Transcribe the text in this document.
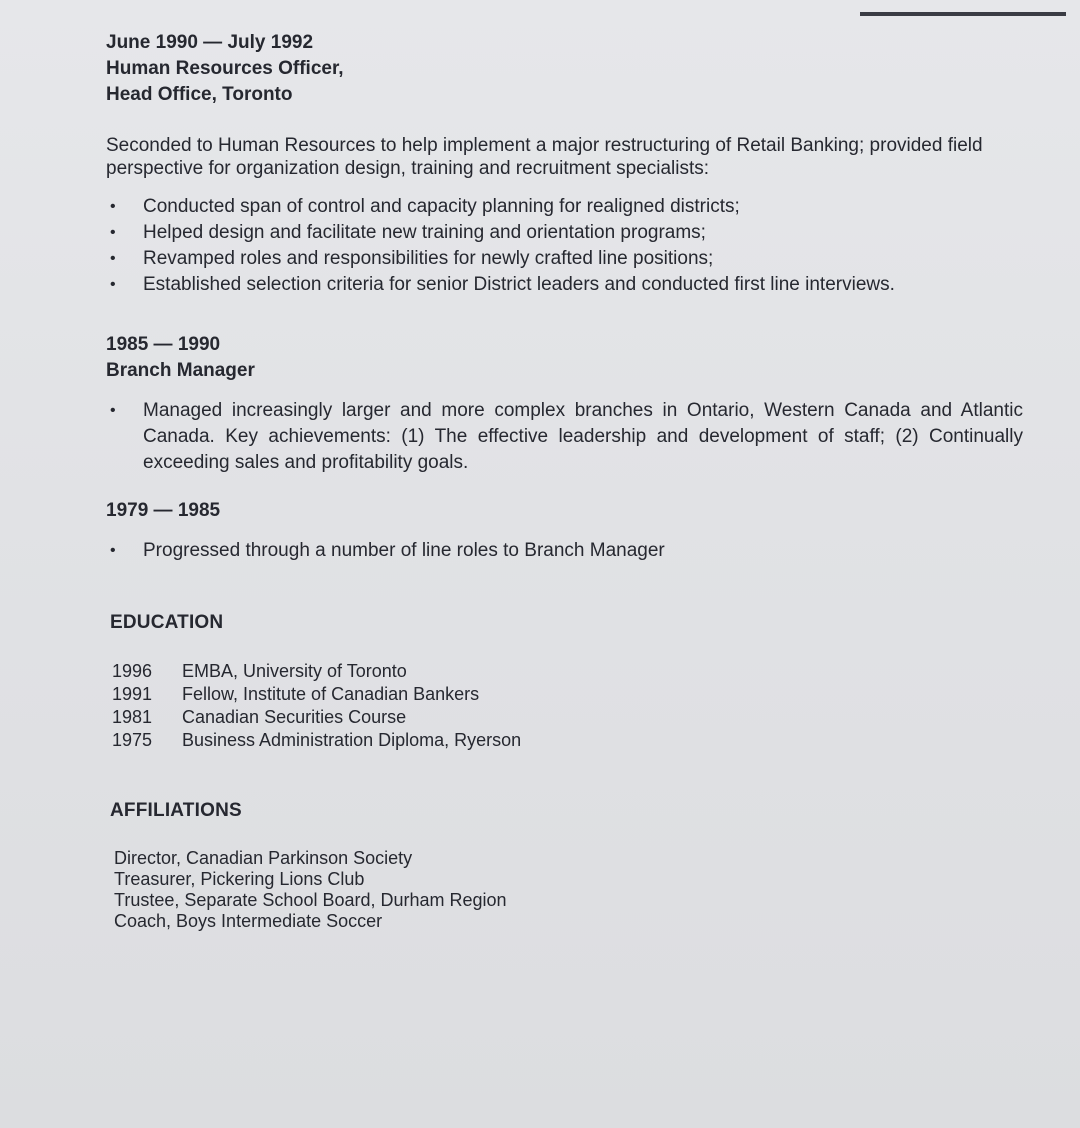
June 1990 — July 1992
Human Resources Officer,
Head Office, Toronto

Seconded to Human Resources to help implement a major restructuring of Retail Banking; provided field perspective for organization design, training and recruitment specialists:

• Conducted span of control and capacity planning for realigned districts;
• Helped design and facilitate new training and orientation programs;
• Revamped roles and responsibilities for newly crafted line positions;
• Established selection criteria for senior District leaders and conducted first line interviews.
1985 — 1990
Branch Manager
• Managed increasingly larger and more complex branches in Ontario, Western Canada and Atlantic Canada. Key achievements: (1) The effective leadership and development of staff; (2) Continually exceeding sales and profitability goals.
1979 — 1985
• Progressed through a number of line roles to Branch Manager
EDUCATION
1996	EMBA, University of Toronto
1991	Fellow, Institute of Canadian Bankers
1981	Canadian Securities Course
1975	Business Administration Diploma, Ryerson
AFFILIATIONS
Director, Canadian Parkinson Society
Treasurer, Pickering Lions Club
Trustee, Separate School Board, Durham Region
Coach, Boys Intermediate Soccer
